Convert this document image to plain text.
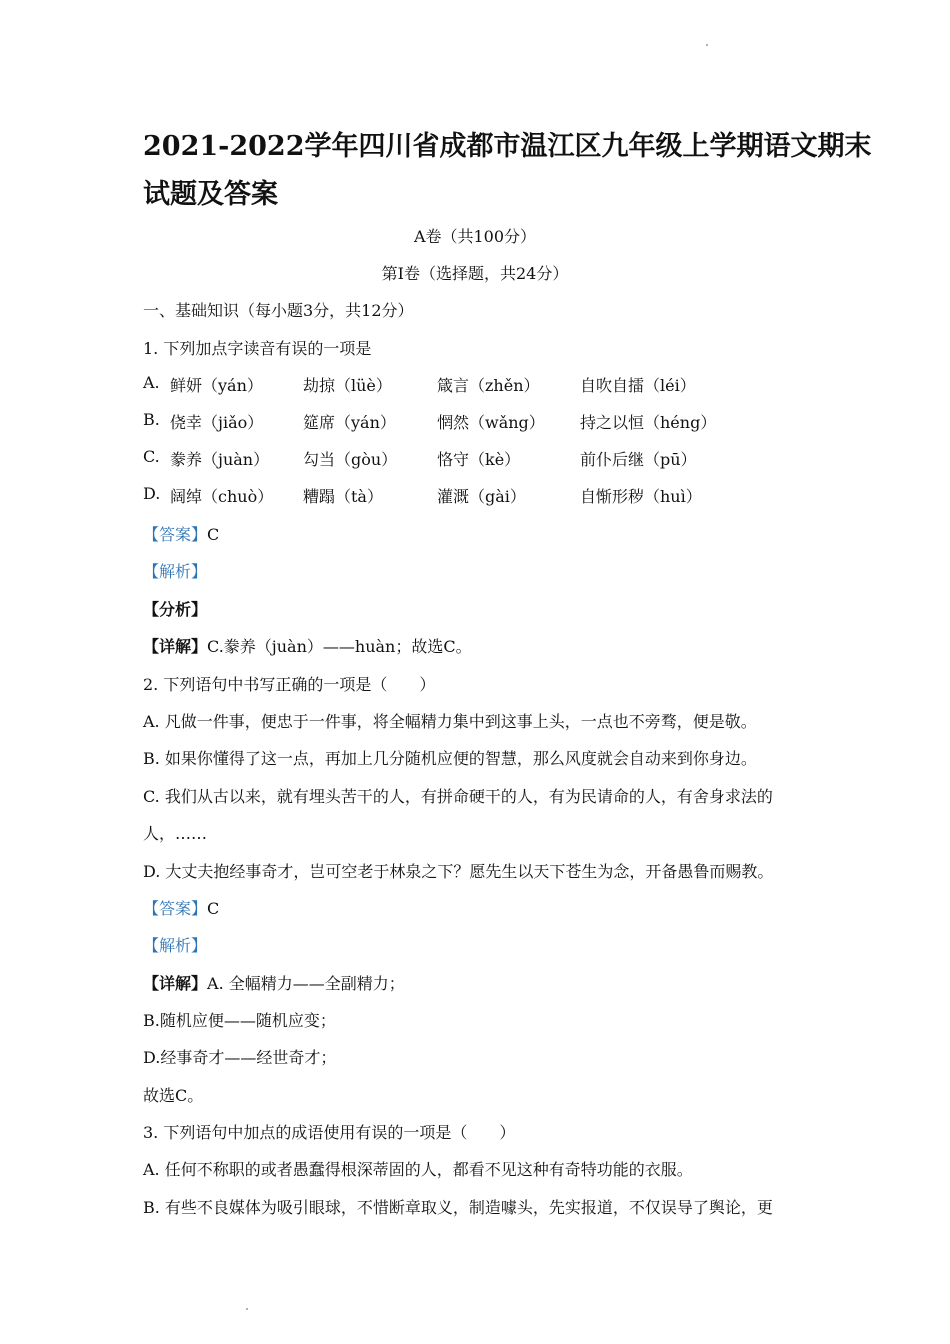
2021-2022学年四川省成都市温江区九年级上学期语文期末
试题及答案
A卷（共100分）
第Ⅰ卷（选择题，共24分）
一、基础知识（每小题3分，共12分）
1. 下列加点字读音有误的一项是
A. 鲜妍（yán）	劫掠（lüè）	箴言（zhěn）	自吹自擂（léi）
B. 侥幸（jiǎo） 筵席（yán）	惘然（wǎng） 持之以恒（héng）
C. 豢养（juàn） 勾当（gòu） 恪守（kè）	前仆后继（pū）
D. 阔绰（chuò） 糟蹋（tà）	灌溉（gài）	自惭形秽（huì）
【答案】C
【解析】
【分析】
【详解】C.豢养（juàn）——huàn；故选C。
2. 下列语句中书写正确的一项是（　　）
A. 凡做一件事，便忠于一件事，将全幅精力集中到这事上头，一点也不旁骛，便是敬。
B. 如果你懂得了这一点，再加上几分随机应便的智慧，那么风度就会自动来到你身边。
C. 我们从古以来，就有埋头苦干的人，有拼命硬干的人，有为民请命的人，有舍身求法的
人，……
D. 大丈夫抱经事奇才，岂可空老于林泉之下？愿先生以天下苍生为念，开备愚鲁而赐教。
【答案】C
【解析】
【详解】A. 全幅精力——全副精力；
B.随机应便——随机应变；
D.经事奇才——经世奇才；
故选C。
3. 下列语句中加点的成语使用有误的一项是（　　）
A. 任何不称职的或者愚蠢得根深蒂固的人，都看不见这种有奇特功能的衣服。
B. 有些不良媒体为吸引眼球，不惜断章取义，制造噱头，先实报道，不仅误导了舆论，更
